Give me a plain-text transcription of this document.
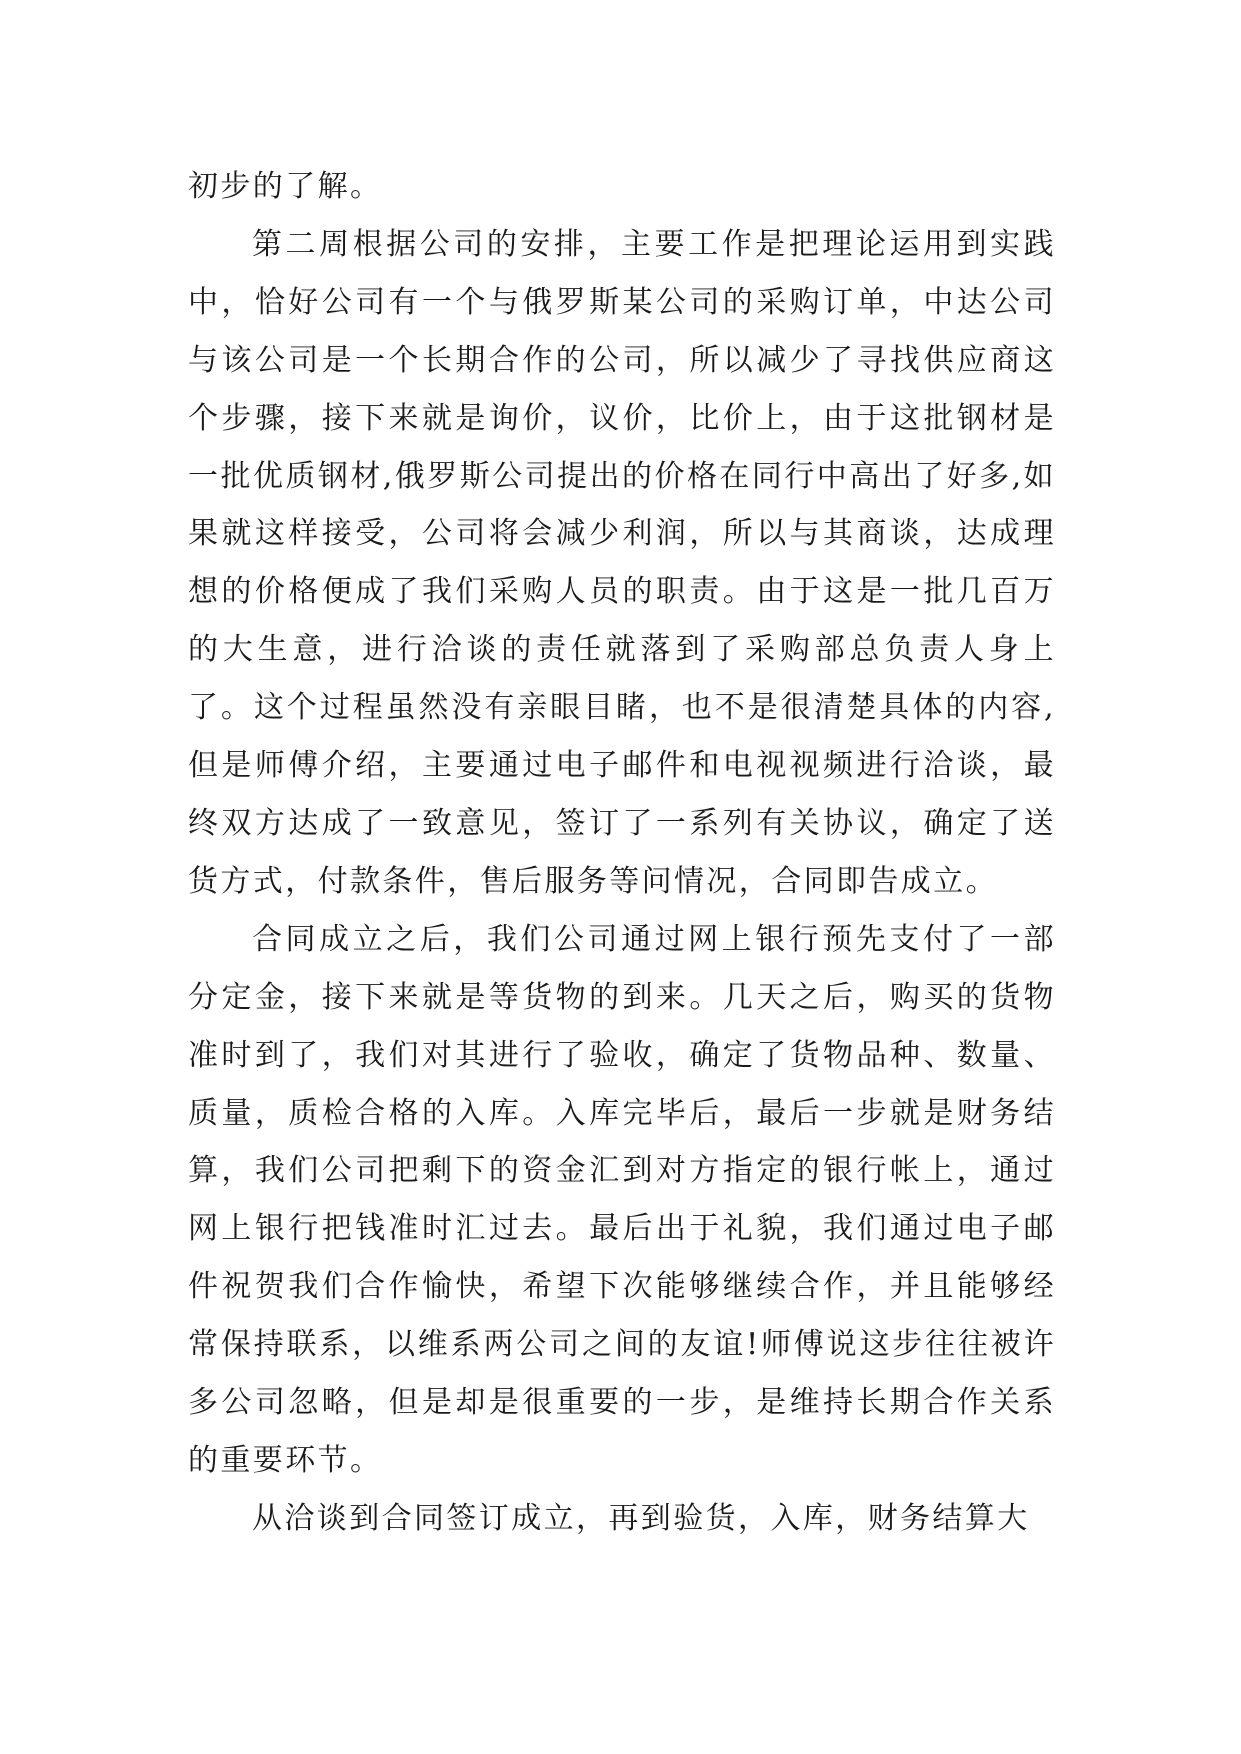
初步的了解。

第二周根据公司的安排，主要工作是把理论运用到实践中，恰好公司有一个与俄罗斯某公司的采购订单，中达公司与该公司是一个长期合作的公司，所以减少了寻找供应商这个步骤，接下来就是询价，议价，比价上，由于这批钢材是一批优质钢材,俄罗斯公司提出的价格在同行中高出了好多,如果就这样接受，公司将会减少利润，所以与其商谈，达成理想的价格便成了我们采购人员的职责。由于这是一批几百万的大生意，进行洽谈的责任就落到了采购部总负责人身上了。这个过程虽然没有亲眼目睹，也不是很清楚具体的内容,但是师傅介绍，主要通过电子邮件和电视视频进行洽谈，最终双方达成了一致意见，签订了一系列有关协议，确定了送货方式，付款条件，售后服务等问情况，合同即告成立。

合同成立之后，我们公司通过网上银行预先支付了一部分定金，接下来就是等货物的到来。几天之后，购买的货物准时到了，我们对其进行了验收，确定了货物品种、数量、质量，质检合格的入库。入库完毕后，最后一步就是财务结算，我们公司把剩下的资金汇到对方指定的银行帐上，通过网上银行把钱准时汇过去。最后出于礼貌，我们通过电子邮件祝贺我们合作愉快，希望下次能够继续合作，并且能够经常保持联系，以维系两公司之间的友谊!师傅说这步往往被许多公司忽略，但是却是很重要的一步，是维持长期合作关系的重要环节。

从洽谈到合同签订成立，再到验货，入库，财务结算大
